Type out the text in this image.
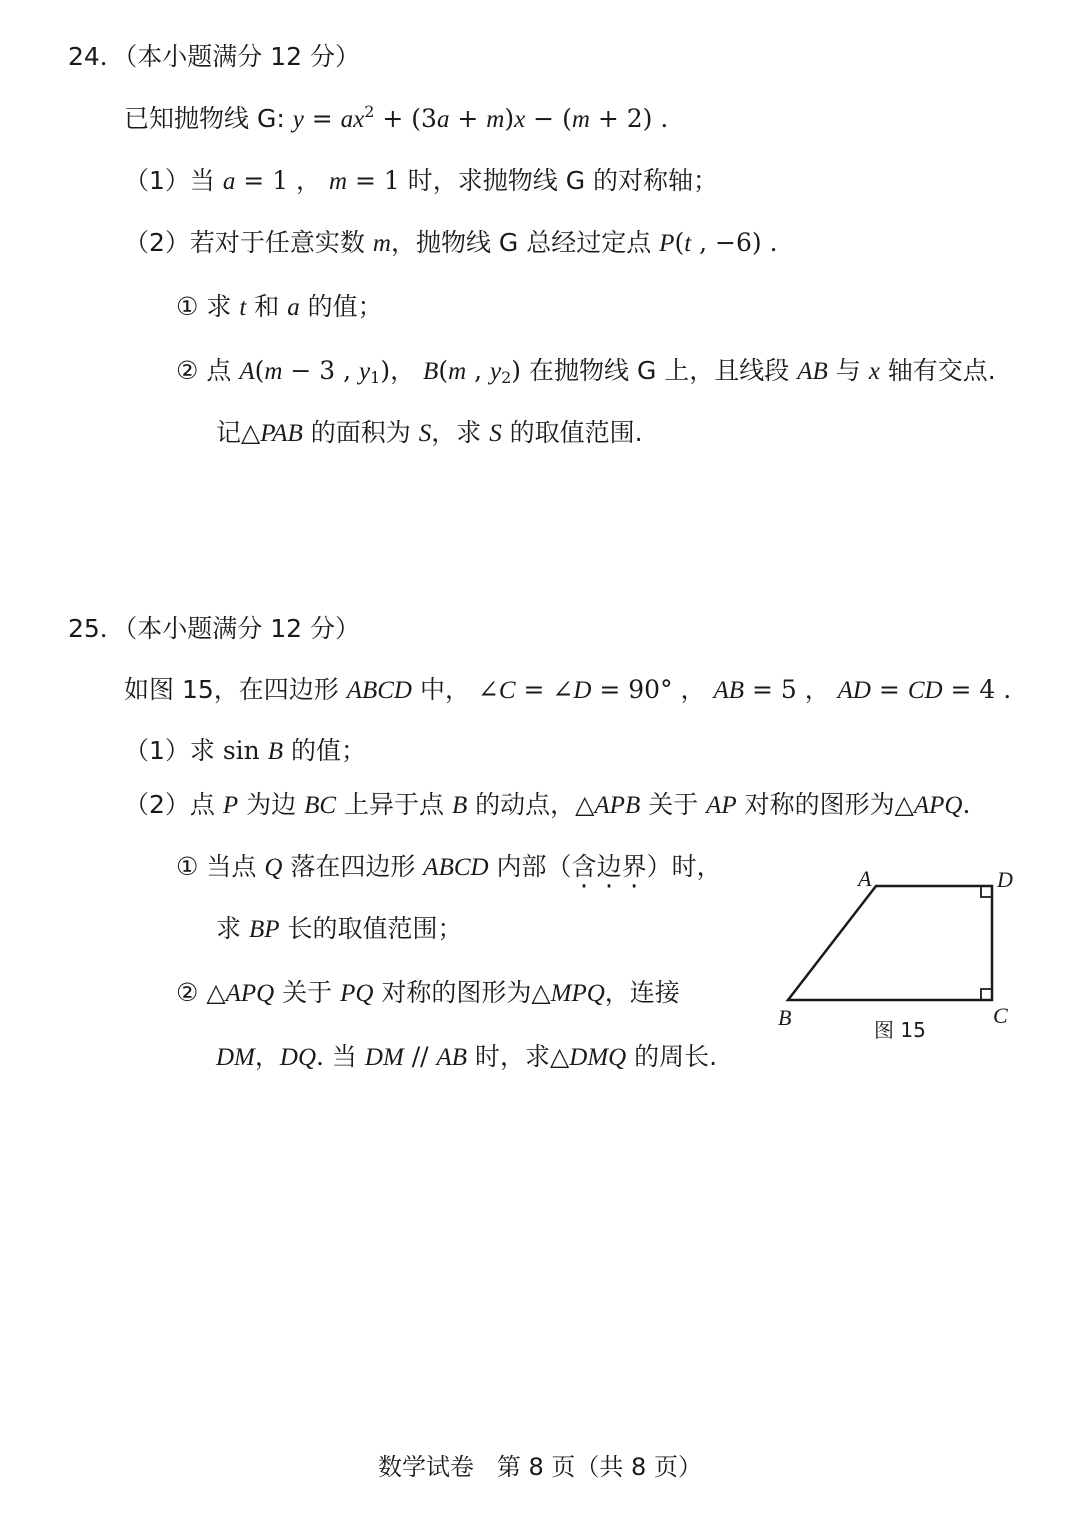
24．（本小题满分 12 分）
已知抛物线 G: $y = ax^2 + (3a + m)x - (m + 2)$ .
（1）当 a = 1 ， m = 1 时，求抛物线 G 的对称轴；
（2）若对于任意实数 m，抛物线 G 总经过定点 P(t , −6) .
① 求 t 和 a 的值；
② 点 A(m − 3 , $y_1$)， B(m , $y_2$) 在抛物线 G 上，且线段 AB 与 x 轴有交点.
记△PAB 的面积为 S，求 S 的取值范围.
25．（本小题满分 12 分）
如图 15，在四边形 ABCD 中， ∠C = ∠D = 90° ， AB = 5 ， AD = CD = 4 .
（1）求 sin B 的值；
（2）点 P 为边 BC 上异于点 B 的动点，△APB 关于 AP 对称的图形为△APQ.
① 当点 Q 落在四边形 ABCD 内部（含边界）时，
求 BP 长的取值范围；
② △APQ 关于 PQ 对称的图形为△MPQ，连接
DM，DQ. 当 DM // AB 时，求△DMQ 的周长.
A	D
B	C
图 15
数学试卷   第 8 页（共 8 页）
